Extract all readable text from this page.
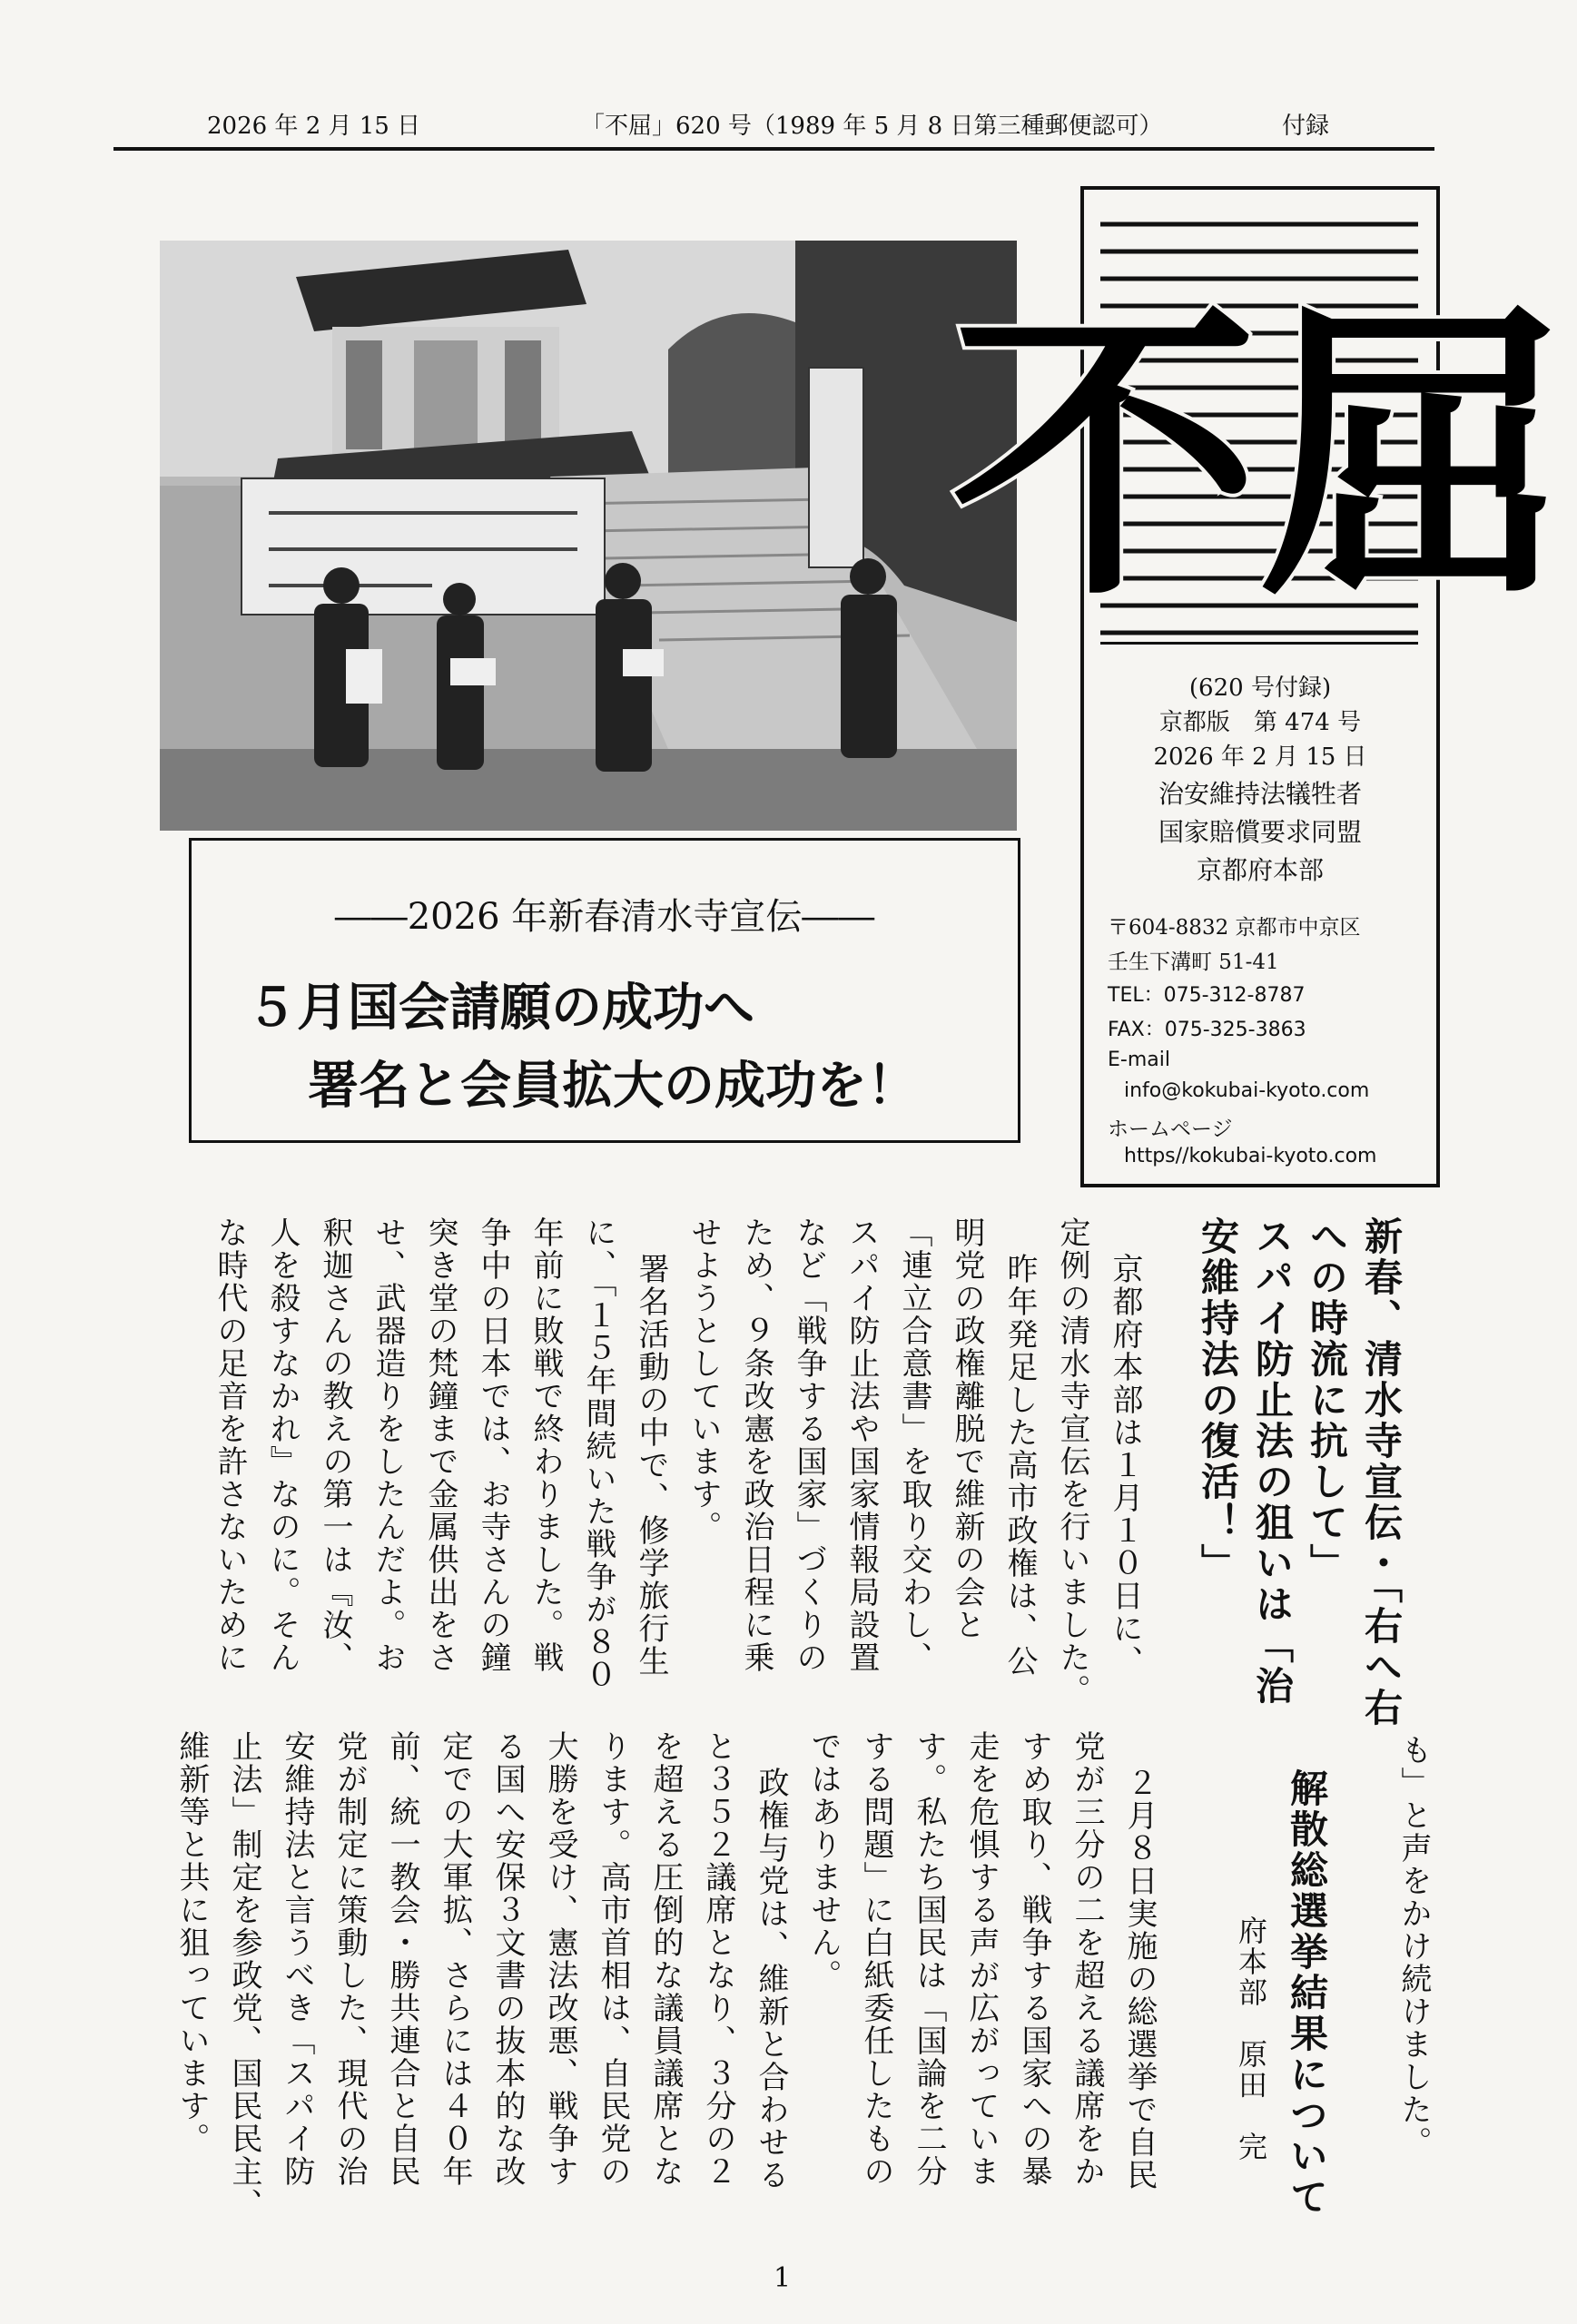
2026 年 2 月 15 日	「不屈」620 号（1989 年 5 月 8 日第三種郵便認可）	付録
――2026 年新春清水寺宣伝――
５月国会請願の成功へ
署名と会員拡大の成功を！
不屈
(620 号付録)
京都版　第 474 号
2026 年 2 月 15 日
治安維持法犠牲者
国家賠償要求同盟
京都府本部
〒604-8832 京都市中京区
壬生下溝町 51-41
TEL：075-312-8787
FAX：075-325-3863
E-mail
info@kokubai-kyoto.com
ホームページ
https//kokubai-kyoto.com
新春、清水寺宣伝・「右へ右
への時流に抗して」
スパイ防止法の狙いは「治
安維持法の復活！」
京都府本部は１月１０日に、
定例の清水寺宣伝を行いました。
昨年発足した高市政権は、公
明党の政権離脱で維新の会と
「連立合意書」を取り交わし、
スパイ防止法や国家情報局設置
など「戦争する国家」づくりの
ため、９条改憲を政治日程に乗
せようとしています。
署名活動の中で、修学旅行生
に、「１５年間続いた戦争が８０
年前に敗戦で終わりました。戦
争中の日本では、お寺さんの鐘
突き堂の梵鐘まで金属供出をさ
せ、武器造りをしたんだよ。お
釈迦さんの教えの第一は『汝、
人を殺すなかれ』なのに。そん
な時代の足音を許さないために
も」と声をかけ続けました。
解散総選挙結果について
府本部　原田　完
２月８日実施の総選挙で自民
党が三分の二を超える議席をか
すめ取り、戦争する国家への暴
走を危惧する声が広がっていま
す。私たち国民は「国論を二分
する問題」に白紙委任したもの
ではありません。
政権与党は、維新と合わせる
と３５２議席となり、３分の２
を超える圧倒的な議員議席とな
ります。高市首相は、自民党の
大勝を受け、憲法改悪、戦争す
る国へ安保３文書の抜本的な改
定での大軍拡、さらには４０年
前、統一教会・勝共連合と自民
党が制定に策動した、現代の治
安維持法と言うべき「スパイ防
止法」制定を参政党、国民民主、
維新等と共に狙っています。
1
